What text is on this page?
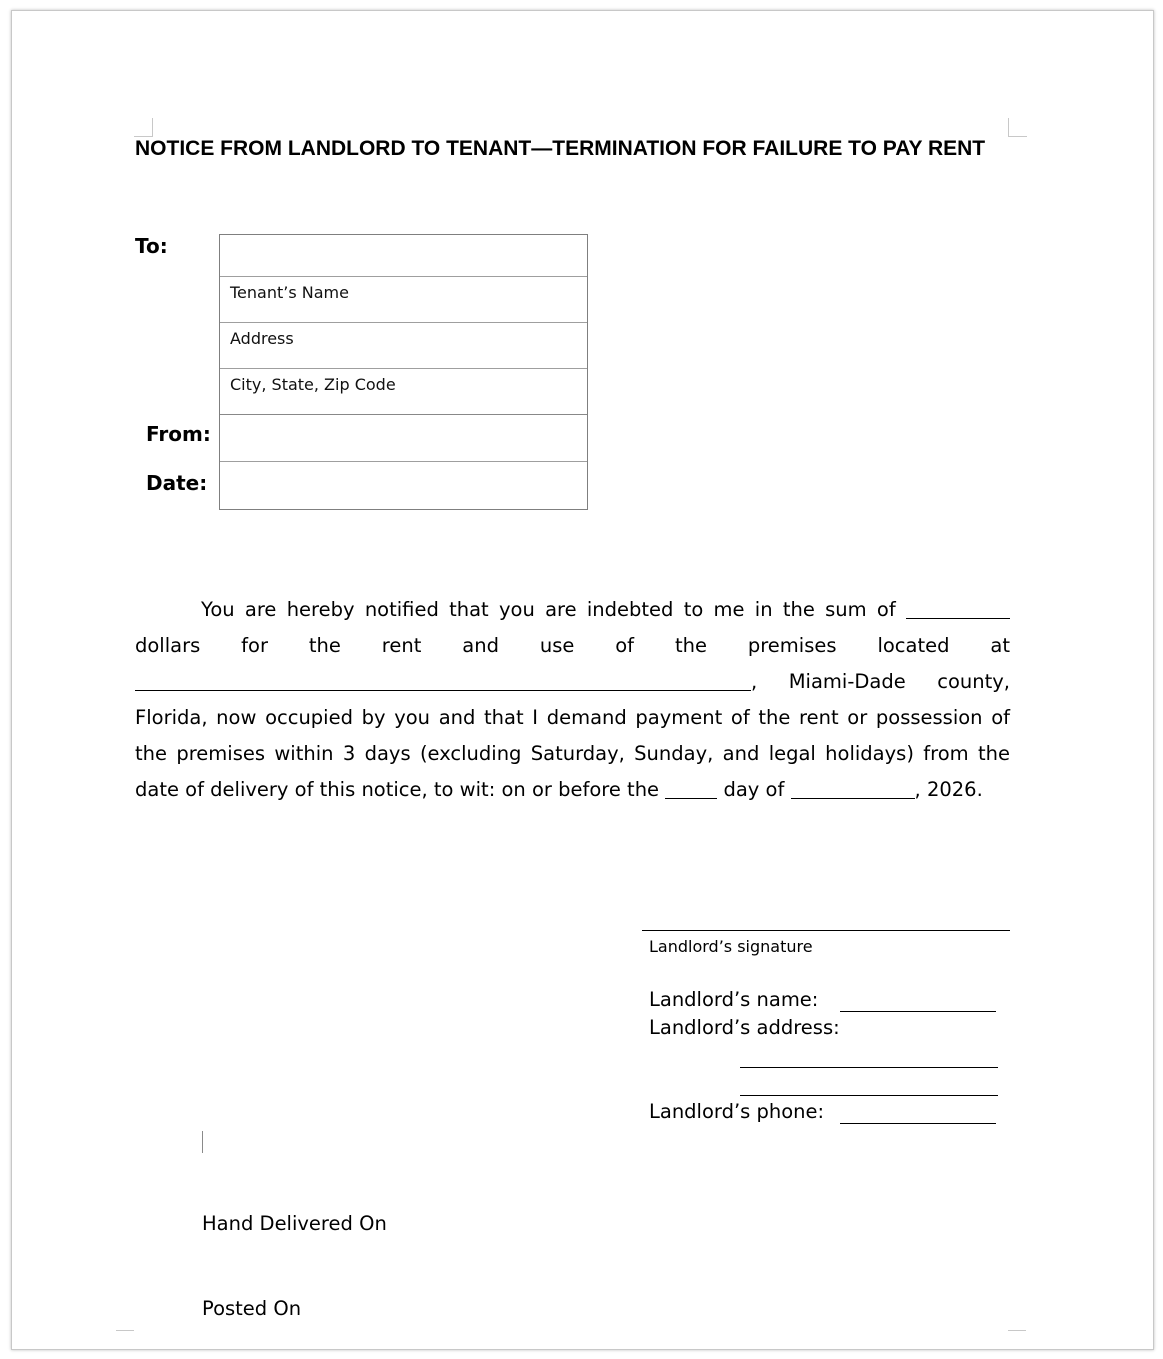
NOTICE FROM LANDLORD TO TENANT—TERMINATION FOR FAILURE TO PAY RENT
To:
From:
Date:
Tenant’s Name
Address
City, State, Zip Code
You are hereby notified that you are indebted to me in the sum of
dollars for the rent and use of the premises located at
, Miami-Dade county,
Florida, now occupied by you and that I demand payment of the rent or possession of the premises within 3 days (excluding Saturday, Sunday, and legal holidays) from the date of delivery of this notice, to wit: on or before the	day of	, 2026.
Landlord’s signature
Landlord’s name:
Landlord’s address:
Landlord’s phone:
Hand Delivered On
Posted On
